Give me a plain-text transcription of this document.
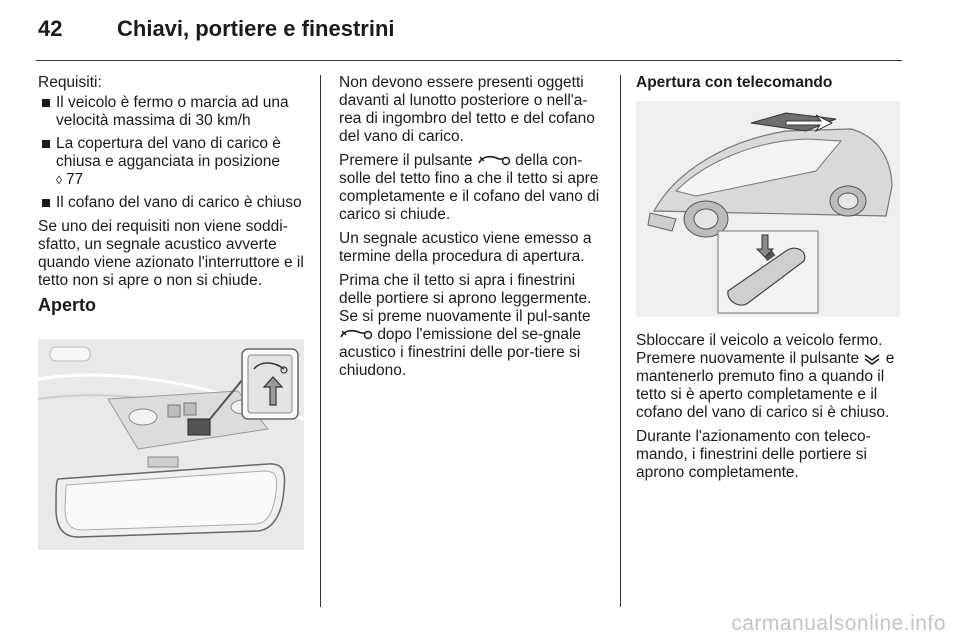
42 Chiavi, portiere e finestrini

Requisiti:

Il veicolo è fermo o marcia ad una velocità massima di 30 km/h
La copertura del vano di carico è chiusa e agganciata in posizione
◊ 77
Il cofano del vano di carico è chiuso

Se uno dei requisiti non viene soddi-sfatto, un segnale acustico avverte quando viene azionato l'interruttore e il tetto non si apre o non si chiude.

Aperto

Non devono essere presenti oggetti davanti al lunotto posteriore o nell'a-rea di ingombro del tetto e del cofano del vano di carico.

Premere il pulsante	della con-solle del tetto fino a che il tetto si apre completamente e il cofano del vano di carico si chiude.

Un segnale acustico viene emesso a termine della procedura di apertura.

Prima che il tetto si apra i finestrini delle portiere si aprono leggermente. Se si preme nuovamente il pul-sante  dopo l'emissione del se-gnale acustico i finestrini delle por-tiere si chiudono.

Apertura con telecomando

Sbloccare il veicolo a veicolo fermo. Premere nuovamente il pulsante e mantenerlo premuto fino a quando il tetto si è aperto completamente e il cofano del vano di carico si è chiuso.

Durante l'azionamento con teleco-mando, i finestrini delle portiere si aprono completamente.

carmanualsonline.info
